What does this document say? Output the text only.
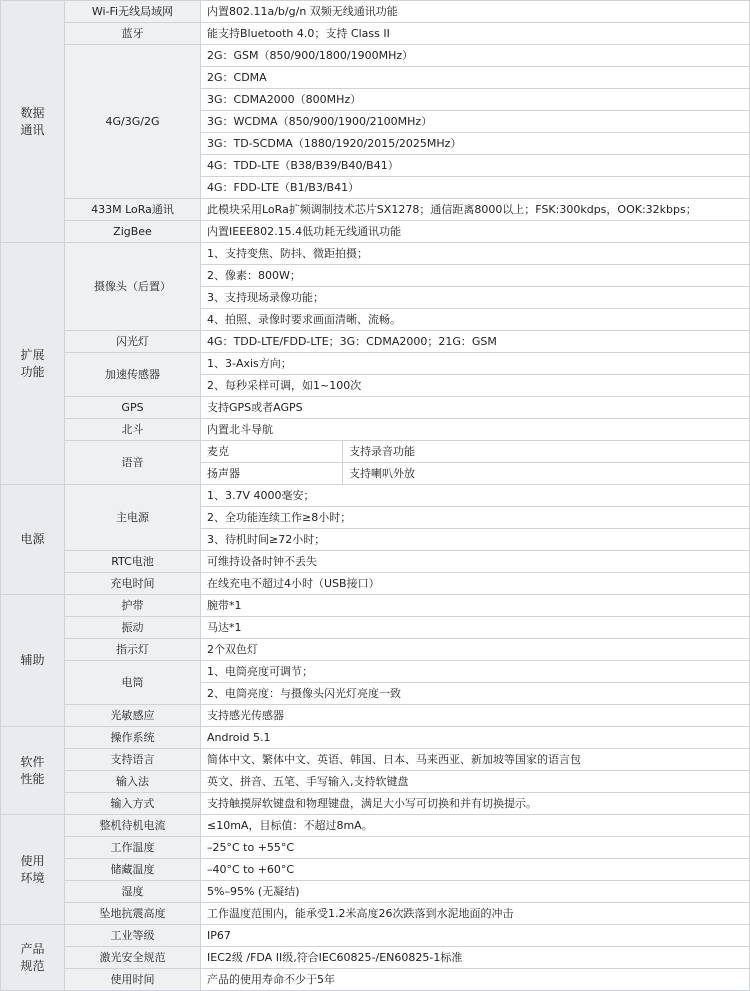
数据
通讯	Wi-Fi无线局域网	内置802.11a/b/g/n 双频无线通讯功能	
	蓝牙	能支持Bluetooth 4.0；支持 Class II	
	4G/3G/2G	2G：GSM（850/900/1800/1900MHz）	
		2G：CDMA	
		3G：CDMA2000（800MHz）	
		3G：WCDMA（850/900/1900/2100MHz）	
		3G：TD-SCDMA（1880/1920/2015/2025MHz）	
		4G：TDD-LTE（B38/B39/B40/B41）	
		4G：FDD-LTE（B1/B3/B41）	
	433M LoRa通讯	此模块采用LoRa扩频调制技术芯片SX1278；通信距离8000以上；FSK:300kdps，OOK:32kbps；	
	ZigBee	内置IEEE802.15.4低功耗无线通讯功能	
扩展
功能	摄像头（后置）	1、支持变焦、防抖、微距拍摄；	
		2、像素：800W；	
		3、支持现场录像功能；	
		4、拍照、录像时要求画面清晰、流畅。	
	闪光灯	4G：TDD-LTE/FDD-LTE；3G：CDMA2000；21G：GSM	
	加速传感器	1、3-Axis方向；	
		2、每秒采样可调，如1~100次	
	GPS	支持GPS或者AGPS	
	北斗	内置北斗导航	
	语音	麦克	支持录音功能
		扬声器	支持喇叭外放
电源	主电源	1、3.7V 4000毫安；	
		2、全功能连续工作≥8小时；	
		3、待机时间≥72小时；	
	RTC电池	可维持设备时钟不丢失	
	充电时间	在线充电不超过4小时（USB接口）	
辅助	护带	腕带*1	
	振动	马达*1	
	指示灯	2个双色灯	
	电筒	1、电筒亮度可调节；	
		2、电筒亮度：与摄像头闪光灯亮度一致	
	光敏感应	支持感光传感器	
软件
性能	操作系统	Android 5.1	
	支持语言	简体中文、繁体中文、英语、韩国、日本、马来西亚、新加坡等国家的语言包	
	输入法	英文、拼音、五笔、手写输入,支持软键盘	
	输入方式	支持触摸屏软键盘和物理键盘，满足大小写可切换和并有切换提示。	
使用
环境	整机待机电流	≤10mA，目标值：不超过8mA。	
	工作温度	–25°C to +55°C	
	储藏温度	–40°C to +60°C	
	湿度	5%–95% (无凝结)	
	坠地抗震高度	工作温度范围内，能承受1.2米高度26次跌落到水泥地面的冲击	
产品
规范	工业等级	IP67	
	激光安全规范	IEC2级 /FDA II级,符合IEC60825-/EN60825-1标准	
	使用时间	产品的使用寿命不少于5年	
